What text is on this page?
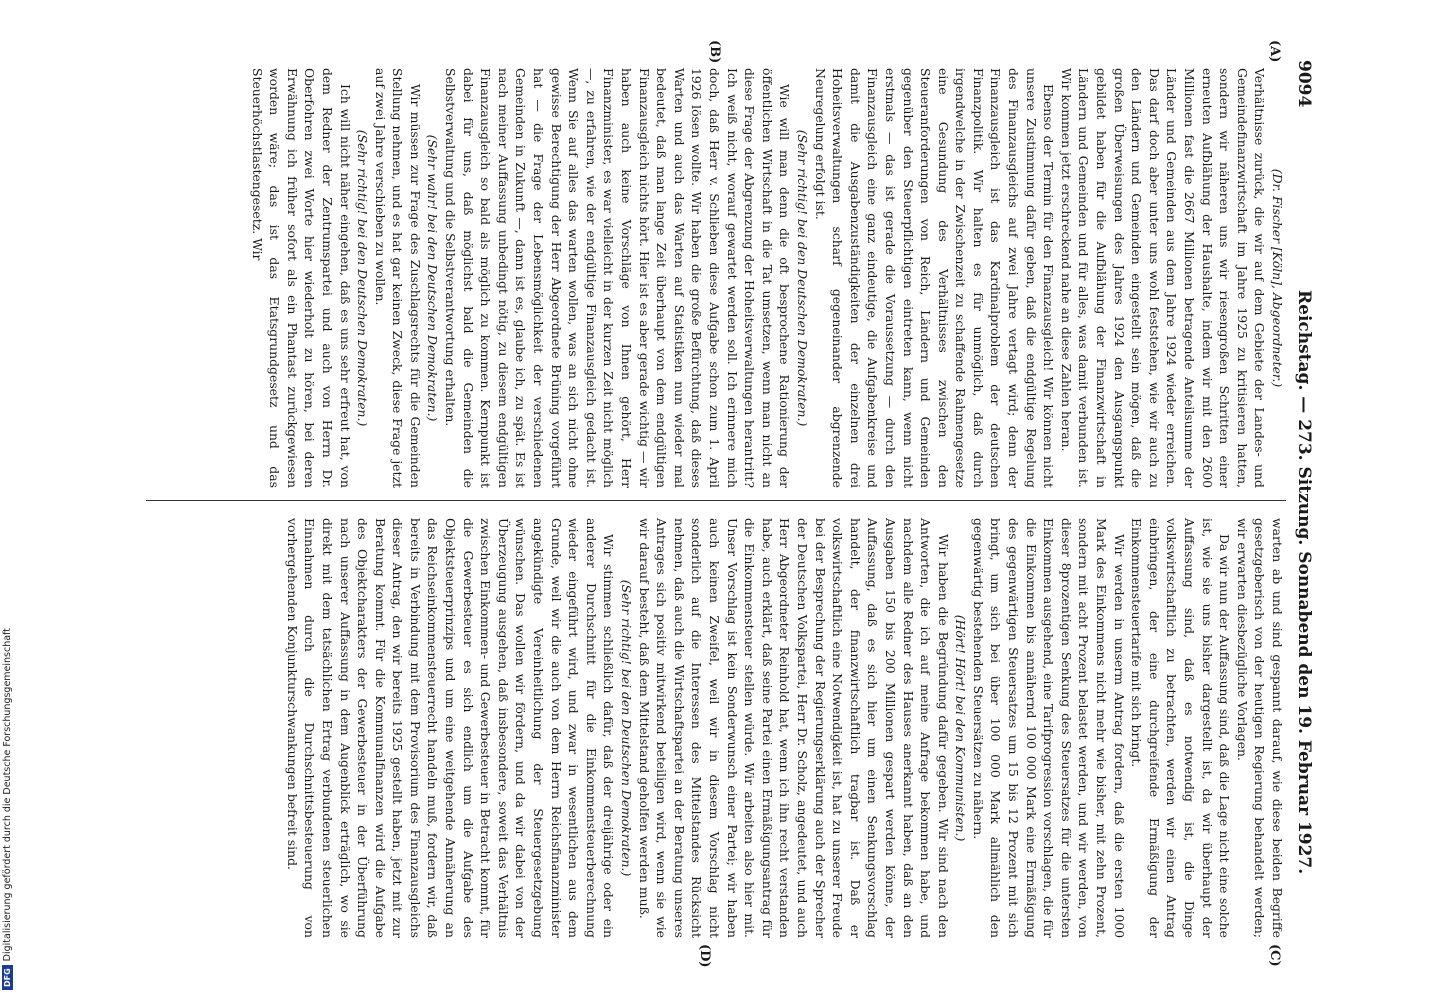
9094
Reichstag. — 273. Sitzung. Sonnabend den 19. Februar 1927.
(A)
(B)
(C)
(D)

(Dr. Fischer [Köln], Abgeordneter.)

Verhältnisse zurück, die wir auf dem Gebiete der Landes- und Gemeindefinanzwirtschaft im Jahre 1925 zu kritisieren hatten, sondern wir näheren uns wir riesengroßen Schritten einer erneuten Aufblähung der Haushalte, indem wir mit den 2600 Millionen fast die 2667 Millionen betragende Anteilsumme der Länder und Gemeinden aus dem Jahre 1924 wieder erreichen. Das darf doch aber unter uns wohl feststehen, wie wir auch zu den Ländern und Gemeinden eingestellt sein mögen, daß die großen Überweisungen des Jahres 1924 den Ausgangspunkt gebildet haben für die Aufblähung der Finanzwirtschaft in Ländern und Gemeinden und für alles, was damit verbunden ist. Wir kommen jetzt erschreckend nahe an diese Zahlen heran.

Ebenso der Termin für den Finanzausgleich! Wir können nicht unsere Zustimmung dafür geben, daß die endgültige Regelung des Finanzausgleichs auf zwei Jahre vertagt wird; denn der Finanzausgleich ist das Kardinalproblem der deutschen Finanzpolitik. Wir halten es für unmöglich, daß durch irgendwelche in der Zwischenzeit zu schaffende Rahmengesetze eine Gesundung des Verhältnisses zwischen den Steueranforderungen von Reich, Ländern und Gemeinden gegenüber den Steuerpflichtigen eintreten kann, wenn nicht erstmals — das ist gerade die Voraussetzung — durch den Finanzausgleich eine ganz eindeutige, die Aufgabenkreise und damit die Ausgabenzuständigkeiten der einzelnen drei Hoheitsverwaltungen scharf gegeneinander abgrenzende Neuregelung erfolgt ist.

(Sehr richtig! bei den Deutschen Demokraten.)

Wie will man denn die oft besprochene Rationierung der öffentlichen Wirtschaft in die Tat umsetzen, wenn man nicht an diese Frage der Abgrenzung der Hoheitsverwaltungen herantritt? Ich weiß nicht, worauf gewartet werden soll. Ich erinnere mich doch, daß Herr v. Schlieben diese Aufgabe schon zum 1. April 1926 lösen wollte. Wir haben die große Befürchtung, daß dieses Warten und auch das Warten auf Statistiken nun wieder mal bedeutet, daß man lange Zeit überhaupt von dem endgültigen Finanzausgleich nichts hört. Hier ist es aber gerade wichtig — wir haben auch keine Vorschläge von Ihnen gehört, Herr Finanzminister, es war vielleicht in der kurzen Zeit nicht möglich —, zu erfahren, wie der endgültige Finanzausgleich gedacht ist. Wenn Sie auf alles das warten wollen, was an sich nicht ohne gewisse Berechtigung der Herr Abgeordnete Brüning vorgeführt hat — die Frage der Lebensmöglichkeit der verschiedenen Gemeinden in Zukunft —, dann ist es, glaube ich, zu spät. Es ist nach meiner Auffassung unbedingt nötig, zu diesem endgültigen Finanzausgleich so bald als möglich zu kommen. Kernpunkt ist dabei für uns, daß möglichst bald die Gemeinden die Selbstverwaltung und die Selbstverantwortung erhalten.

(Sehr wahr! bei den Deutschen Demokraten.)

Wir müssen zur Frage des Zuschlagsrechts für die Gemeinden Stellung nehmen, und es hat gar keinen Zweck, diese Frage jetzt auf zwei Jahre verschieben zu wollen.

(Sehr richtig! bei den Deutschen Demokraten.)

Ich will nicht näher eingehen, daß es uns sehr erfreut hat, von dem Redner der Zentrumspartei und auch von Herrn Dr. Oberfohren zwei Worte hier wiederholt zu hören, bei deren Erwähnung ich früher sofort als ein Phantast zurückgewiesen worden wäre; das ist das Etatsgrundgesetz und das Steuerhöchstlastengesetz. Wir

warten ab und sind gespannt darauf, wie diese beiden Begriffe gesetzgeberisch von der heutigen Regierung behandelt werden; wir erwarten diesbezügliche Vorlagen.

Da wir nun der Auffassung sind, daß die Lage nicht eine solche ist, wie sie uns bisher dargestellt ist, da wir überhaupt der Auffassung sind, daß es notwendig ist, die Dinge volkswirtschaftlich zu betrachten, werden wir einen Antrag einbringen, der eine durchgreifende Ermäßigung der Einkommensteuertarife mit sich bringt.

Wir werden in unserm Antrag fordern, daß die ersten 1000 Mark des Einkommens nicht mehr wie bisher, mit zehn Prozent, sondern mit acht Prozent belastet werden, und wir werden, von dieser 8prozentigen Senkung des Steuersatzes für die untersten Einkommen ausgehend, eine Tarifprogression vorschlagen, die für die Einkommen bis annähernd 100 000 Mark eine Ermäßigung des gegenwärtigen Steuersatzes um 15 bis 12 Prozent mit sich bringt, um sich bei über 100 000 Mark allmählich den gegenwärtig bestehenden Steuersätzen zu nähern.

(Hört! Hört! bei den Kommunisten.)

Wir haben die Begründung dafür gegeben. Wir sind nach den Antworten, die ich auf meine Anfrage bekommen habe, und nachdem alle Redner des Hauses anerkannt haben, daß an den Ausgaben 150 bis 200 Millionen gespart werden könne, der Auffassung, daß es sich hier um einen Senkungsvorschlag handelt, der finanzwirtschaftlich tragbar ist. Daß er volkswirtschaftlich eine Notwendigkeit ist, hat zu unserer Freude bei der Besprechung der Regierungserklärung auch der Sprecher der Deutschen Volkspartei, Herr Dr. Scholz, angedeutet, und auch Herr Abgeordneter Reinhold hat, wenn ich ihn recht verstanden habe, auch erklärt, daß seine Partei einen Ermäßigungsantrag für die Einkommensteuer stellen würde. Wir arbeiten also hier mit. Unser Vorschlag ist kein Sonderwunsch einer Partei; wir haben auch keinen Zweifel, weil wir in diesem Vorschlag nicht sonderlich auf die Interessen des Mittelstandes Rücksicht nehmen, daß auch die Wirtschaftspartei an der Beratung unseres Antrages sich positiv mitwirkend beteiligen wird, wenn sie wie wir darauf besteht, daß dem Mittelstand geholfen werden muß.

(Sehr richtig! bei den Deutschen Demokraten.)

Wir stimmen schließlich dafür, daß der dreijährige oder ein anderer Durchschnitt für die Einkommensteuerberechnung wieder eingeführt wird, und zwar in wesentlichen aus dem Grunde, weil wir die auch von dem Herrn Reichsfinanzminister angekündigte Vereinheitlichung der Steuergesetzgebung wünschen. Das wollen wir fördern, und da wir dabei von der Überzeugung ausgehen, daß insbesondere, soweit das Verhältnis zwischen Einkommen- und Gewerbesteuer in Betracht kommt, für die Gewerbesteuer es sich endlich um die Aufgabe des Objektsteuerprinzips und um eine weitgehende Annäherung an das Reichseinkommensteuerrecht handeln muß, fordern wir, daß bereits in Verbindung mit dem Provisorium des Finanzausgleichs dieser Antrag, den wir bereits 1925 gestellt haben, jetzt mit zur Beratung kommt. Für die Kommunalfinanzen wird die Aufgabe des Objektcharakters der Gewerbesteuer in der Überführung nach unserer Auffassung in dem Augenblick erträglich, wo sie direkt mit dem tatsächlichen Ertrag verbundenen steuerlichen Einnahmen durch die Durchschnittsbesteuerung von vorhergehenden Konjunkturschwankungen befreit sind.

DFGDigitalisierung gefördert durch die Deutsche Forschungsgemeinschaft
